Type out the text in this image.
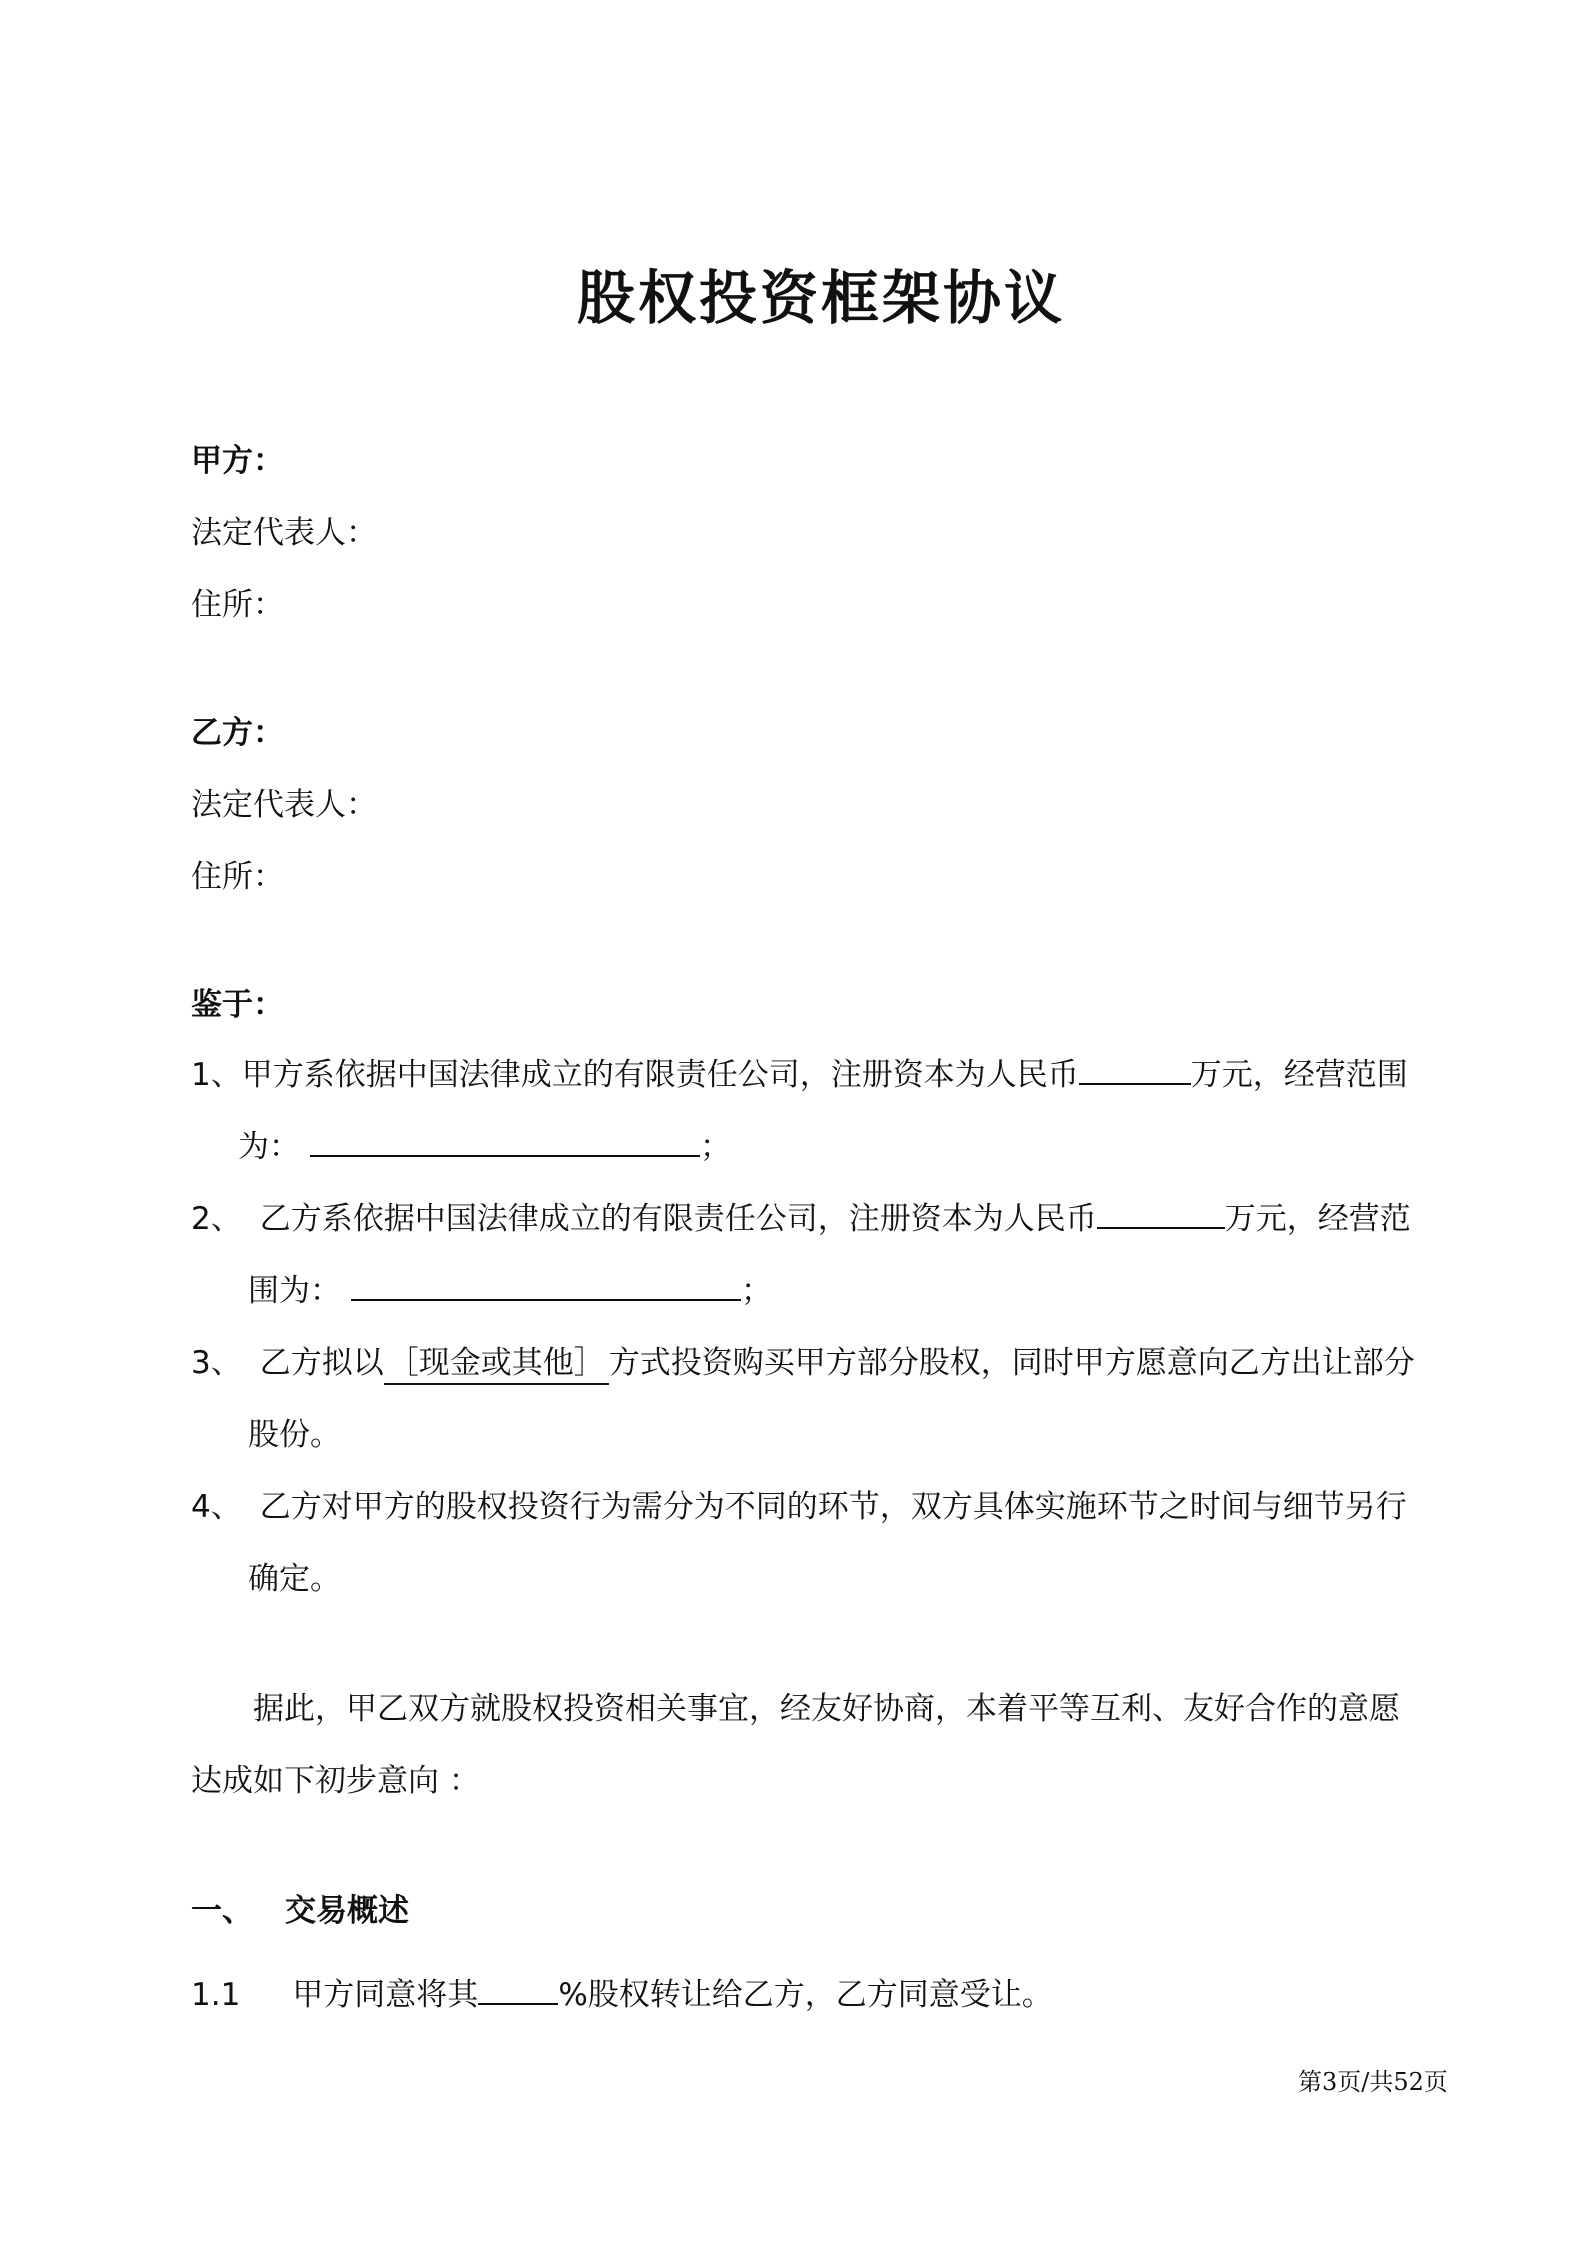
股权投资框架协议
甲方：
法定代表人：
住所：
乙方：
法定代表人：
住所：
鉴于：
1、甲方系依据中国法律成立的有限责任公司，注册资本为人民币	万元，经营范围
为：	；
2、 乙方系依据中国法律成立的有限责任公司，注册资本为人民币	万元，经营范
围为：	；
3、 乙方拟以 ［现金或其他］ 方式投资购买甲方部分股权，同时甲方愿意向乙方出让部分
股份。
4、 乙方对甲方的股权投资行为需分为不同的环节，双方具体实施环节之时间与细节另行
确定。
据此，甲乙双方就股权投资相关事宜，经友好协商，本着平等互利、友好合作的意愿
达成如下初步意向 ：
一、 交易概述
1.1 甲方同意将其	%股权转让给乙方，乙方同意受让。
第3页/共52页
